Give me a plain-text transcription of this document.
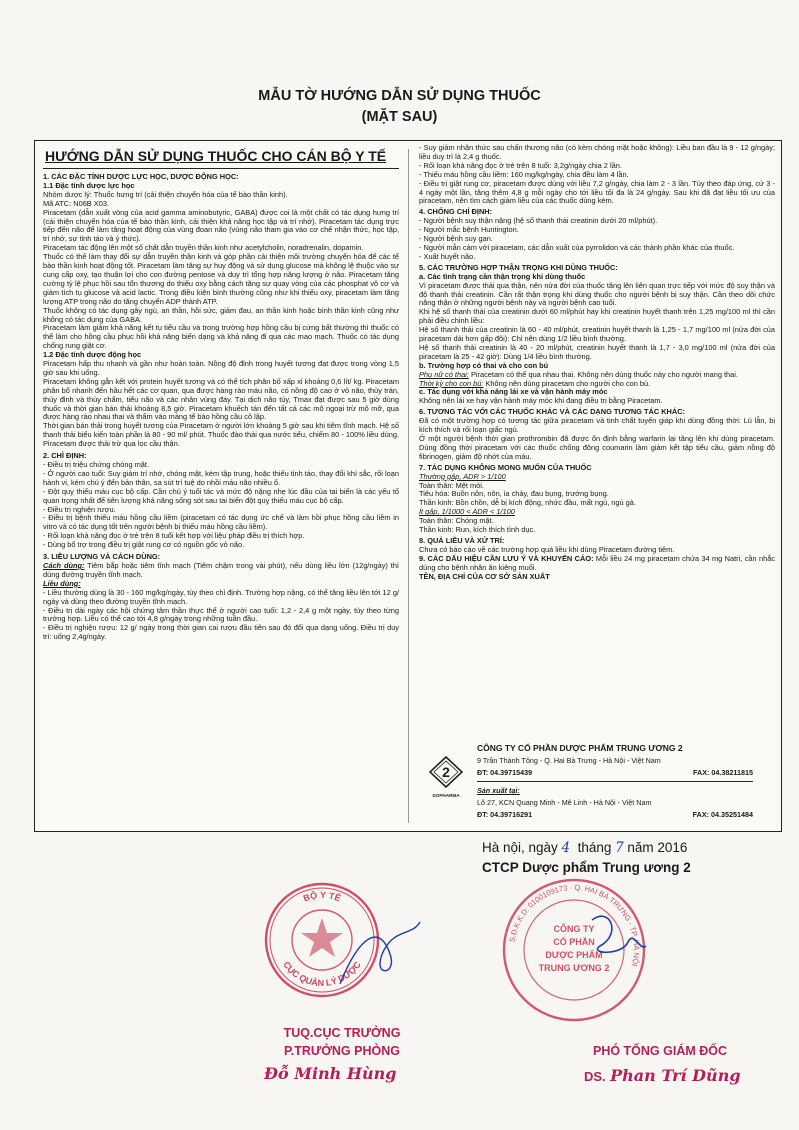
MẪU TỜ HƯỚNG DẪN SỬ DỤNG THUỐC
(MẶT SAU)
HƯỚNG DẪN SỬ DỤNG THUỐC CHO CÁN BỘ Y TẾ

1. CÁC ĐẶC TÍNH DƯỢC LỰC HỌC, DƯỢC ĐỘNG HỌC:

1.1 Đặc tính dược lực học

Nhóm dược lý: Thuốc hưng trí (cải thiện chuyển hóa của tế bào thần kinh).

Mã ATC: N06B X03.

Piracetam (dẫn xuất vòng của acid gamma aminobutyric, GABA) được coi là một chất có tác dụng hưng trí (cải thiện chuyển hóa của tế bào thần kinh, cải thiện khả năng học tập và trí nhớ). Piracetam tác dụng trực tiếp đến não để làm tăng hoạt động của vùng đoan não (vùng não tham gia vào cơ chế nhận thức, học tập, trí nhớ, sự tỉnh táo và ý thức).

Piracetam tác động lên một số chất dẫn truyền thần kinh như acetylcholin, noradrenalin, dopamin.

Thuốc có thể làm thay đổi sự dẫn truyền thần kinh và góp phần cải thiện môi trường chuyển hóa để các tế bào thần kinh hoạt động tốt. Piracetam làm tăng sự huy động và sử dụng glucose mà không lệ thuộc vào sự cung cấp oxy, tạo thuận lợi cho con đường pentose và duy trì tổng hợp năng lượng ở não. Piracetam tăng cường tỷ lệ phục hồi sau tổn thương do thiếu oxy bằng cách tăng sự quay vòng của các phosphat vô cơ và giảm tích tụ glucose và acid lactic. Trong điều kiện bình thường cũng như khi thiếu oxy, piracetam làm tăng lượng ATP trong não do tăng chuyển ADP thành ATP.

Thuốc không có tác dụng gây ngủ, an thần, hồi sức, giảm đau, an thần kinh hoặc bình thần kinh cũng như không có tác dụng của GABA.

Piracetam làm giảm khả năng kết tụ tiểu cầu và trong trường hợp hồng cầu bị cứng bất thường thì thuốc có thể làm cho hồng cầu phục hồi khả năng biến dạng và khả năng đi qua các mao mạch. Thuốc có tác dụng chống rung giật cơ.

1.2 Đặc tính dược động học

Piracetam hấp thu nhanh và gần như hoàn toàn. Nồng độ đỉnh trong huyết tương đạt được trong vòng 1,5 giờ sau khi uống.

Piracetam không gắn kết với protein huyết tương và có thể tích phân bố xấp xỉ khoảng 0,6 lít/ kg. Piracetam phân bố nhanh đến hầu hết các cơ quan, qua được hàng rào máu não, có nồng độ cao ở vỏ não, thùy trán, thùy đỉnh và thùy chẩm, tiểu não và các nhân vùng đáy. Tại dịch não tủy, Tmax đạt được sau 5 giờ dùng thuốc và thời gian bán thải khoảng 8,5 giờ. Piracetam khuếch tán đến tất cả các mô ngoại trừ mô mỡ, qua được hàng rào nhau thai và thẩm vào màng tế bào hồng cầu cô lập.

Thời gian bán thải trong huyết tương của Piracetam ở người lớn khoảng 5 giờ sau khi tiêm tĩnh mạch. Hệ số thanh thải biểu kiến toàn phần là 80 - 90 ml/ phút. Thuốc đào thải qua nước tiểu, chiếm 80 - 100% liều dùng. Piracetam được thải trừ qua lọc cầu thận.

2. CHỈ ĐỊNH:

- Điều trị triệu chứng chóng mặt.

- Ở người cao tuổi: Suy giảm trí nhớ, chóng mặt, kém tập trung, hoặc thiếu tỉnh táo, thay đổi khí sắc, rối loạn hành vi, kém chú ý đến bản thân, sa sút trí tuệ do nhồi máu não nhiều ổ.

- Đột quỵ thiếu máu cục bộ cấp. Cần chú ý tuổi tác và mức độ nặng nhẹ lúc đầu của tai biến là các yếu tố quan trọng nhất để tiên lượng khả năng sống sót sau tai biến đột quỵ thiếu máu cục bộ cấp.

- Điều trị nghiện rượu.

- Điều trị bệnh thiếu máu hồng cầu liềm (piracetam có tác dụng ức chế và làm hồi phục hồng cầu liềm in vitro và có tác dụng tốt trên người bệnh bị thiếu máu hồng cầu liềm).

- Rối loạn khả năng đọc ở trẻ trên 8 tuổi kết hợp với liệu pháp điều trị thích hợp.

- Dùng bổ trợ trong điều trị giật rung cơ có nguồn gốc vỏ não.

3. LIỀU LƯỢNG VÀ CÁCH DÙNG:

Cách dùng: Tiêm bắp hoặc tiêm tĩnh mạch (Tiêm chậm trong vài phút), nếu dùng liều lớn (12g/ngày) thì dùng đường truyền tĩnh mạch.

Liều dùng:

- Liều thường dùng là 30 - 160 mg/kg/ngày, tùy theo chỉ định. Trường hợp nặng, có thể tăng liều lên tới 12 g/ ngày và dùng theo đường truyền tĩnh mạch.

- Điều trị dài ngày các hội chứng tâm thần thực thể ở người cao tuổi: 1,2 - 2,4 g một ngày, tùy theo từng trường hợp. Liều có thể cao tới 4,8 g/ngày trong những tuần đầu.

- Điều trị nghiện rượu: 12 g/ ngày trong thời gian cai rượu đầu tiên sau đó đổi qua dạng uống. Điều trị duy trì: uống 2,4g/ngày.

- Suy giảm nhận thức sau chấn thương não (có kèm chóng mặt hoặc không): Liều ban đầu là 9 - 12 g/ngày; liều duy trì là 2,4 g thuốc.

- Rối loạn khả năng đọc ở trẻ trên 8 tuổi: 3,2g/ngày chia 2 lần.

- Thiếu máu hồng cầu liềm: 160 mg/kg/ngày, chia đều làm 4 lần.

- Điều trị giật rung cơ, piracetam được dùng với liều 7,2 g/ngày, chia làm 2 - 3 lần. Tùy theo đáp ứng, cứ 3 - 4 ngày một lần, tăng thêm 4,8 g mỗi ngày cho tới liều tối đa là 24 g/ngày. Sau khi đã đạt liều tối ưu của piracetam, nên tìm cách giảm liều của các thuốc dùng kèm.

4. CHỐNG CHỈ ĐỊNH:

- Người bệnh suy thận nặng (hệ số thanh thải creatinin dưới 20 ml/phút).

- Người mắc bệnh Huntington.

- Người bệnh suy gan.

- Người mẫn cảm với piracetam, các dẫn xuất của pyrrolidon và các thành phần khác của thuốc.

- Xuất huyết não.

5. CÁC TRƯỜNG HỢP THẬN TRỌNG KHI DÙNG THUỐC:

a. Các tình trạng cần thận trọng khi dùng thuốc

Vì piracetam được thải qua thận, nên nửa đời của thuốc tăng lên liên quan trực tiếp với mức độ suy thận và độ thanh thải creatinin. Cần rất thận trọng khi dùng thuốc cho người bệnh bị suy thận. Cần theo dõi chức năng thận ở những người bệnh này và người bệnh cao tuổi.

Khi hệ số thanh thải của creatinin dưới 60 ml/phút hay khi creatinin huyết thanh trên 1,25 mg/100 ml thì cần phải điều chỉnh liều:

Hệ số thanh thải của creatinin là 60 - 40 ml/phút, creatinin huyết thanh là 1,25 - 1,7 mg/100 ml (nửa đời của piracetam dài hơn gấp đôi): Chỉ nên dùng 1/2 liều bình thường.

Hệ số thanh thải creatinin là 40 - 20 ml/phút, creatinin huyết thanh là 1,7 - 3,0 mg/100 ml (nửa đời của piracetam là 25 - 42 giờ): Dùng 1/4 liều bình thường.

b. Trường hợp có thai và cho con bú

Phụ nữ có thai: Piracetam có thể qua nhau thai. Không nên dùng thuốc này cho người mang thai.

Thời kỳ cho con bú: Không nên dùng piracetam cho người cho con bú.

c. Tác dụng với khả năng lái xe và vận hành máy móc

Không nên lái xe hay vận hành máy móc khi đang điều trị bằng Piracetam.

6. TƯƠNG TÁC VỚI CÁC THUỐC KHÁC VÀ CÁC DẠNG TƯƠNG TÁC KHÁC:

Đã có một trường hợp có tương tác giữa piracetam và tinh chất tuyến giáp khi dùng đồng thời: Lú lẫn, bị kích thích và rối loạn giấc ngủ.

Ở một người bệnh thời gian prothrombin đã được ổn định bằng warfarin lại tăng lên khi dùng piracetam. Dùng đồng thời piracetam với các thuốc chống đông coumarin làm giảm kết tập tiểu cầu, giảm nồng độ fibrinogen, giảm độ nhớt của máu.

7. TÁC DỤNG KHÔNG MONG MUỐN CỦA THUỐC

Thường gặp, ADR > 1/100

Toàn thân: Mệt mỏi.

Tiêu hóa: Buồn nôn, nôn, ỉa chảy, đau bụng, trướng bụng.

Thần kinh: Bồn chồn, dễ bị kích động, nhức đầu, mất ngủ, ngủ gà.

Ít gặp, 1/1000 < ADR < 1/100

Toàn thân: Chóng mặt.

Thần kinh: Run, kích thích tình dục.

8. QUÁ LIỀU VÀ XỬ TRÍ:

Chưa có báo cáo về các trường hợp quá liều khi dùng Piracetam đường tiêm.

9. CÁC DẤU HIỆU CẦN LƯU Ý VÀ KHUYẾN CÁO: Mỗi liều 24 mg piracetam chứa 34 mg Natri, cần nhắc dùng cho bệnh nhân ăn kiêng muối.

TÊN, ĐỊA CHỈ CỦA CƠ SỞ SẢN XUẤT

2
DOPHARMA
CÔNG TY CỔ PHẦN DƯỢC PHẨM TRUNG ƯƠNG 2
9 Trần Thánh Tông - Q. Hai Bà Trưng - Hà Nội - Việt Nam
ĐT: 04.39715439	FAX: 04.38211815
Sản xuất tại:
Lô 27, KCN Quang Minh - Mê Linh - Hà Nội - Việt Nam
ĐT: 04.39716291	FAX: 04.35251484
Hà nội, ngày 4 tháng 7 năm 2016
CTCP Dược phẩm Trung ương 2
BỘ Y TẾ
CỤC QUẢN LÝ DƯỢC
S.Đ.K.K.D: 0100109173 · Q. HAI BÀ TRƯNG - TP. HÀ NỘI
CÔNG TY
CỔ PHẦN
DƯỢC PHẨM
TRUNG ƯƠNG 2
TUQ.CỤC TRƯỞNG
P.TRƯỞNG PHÒNG
Đỗ Minh Hùng
PHÓ TỔNG GIÁM ĐỐC
DS. Phan Trí Dũng
